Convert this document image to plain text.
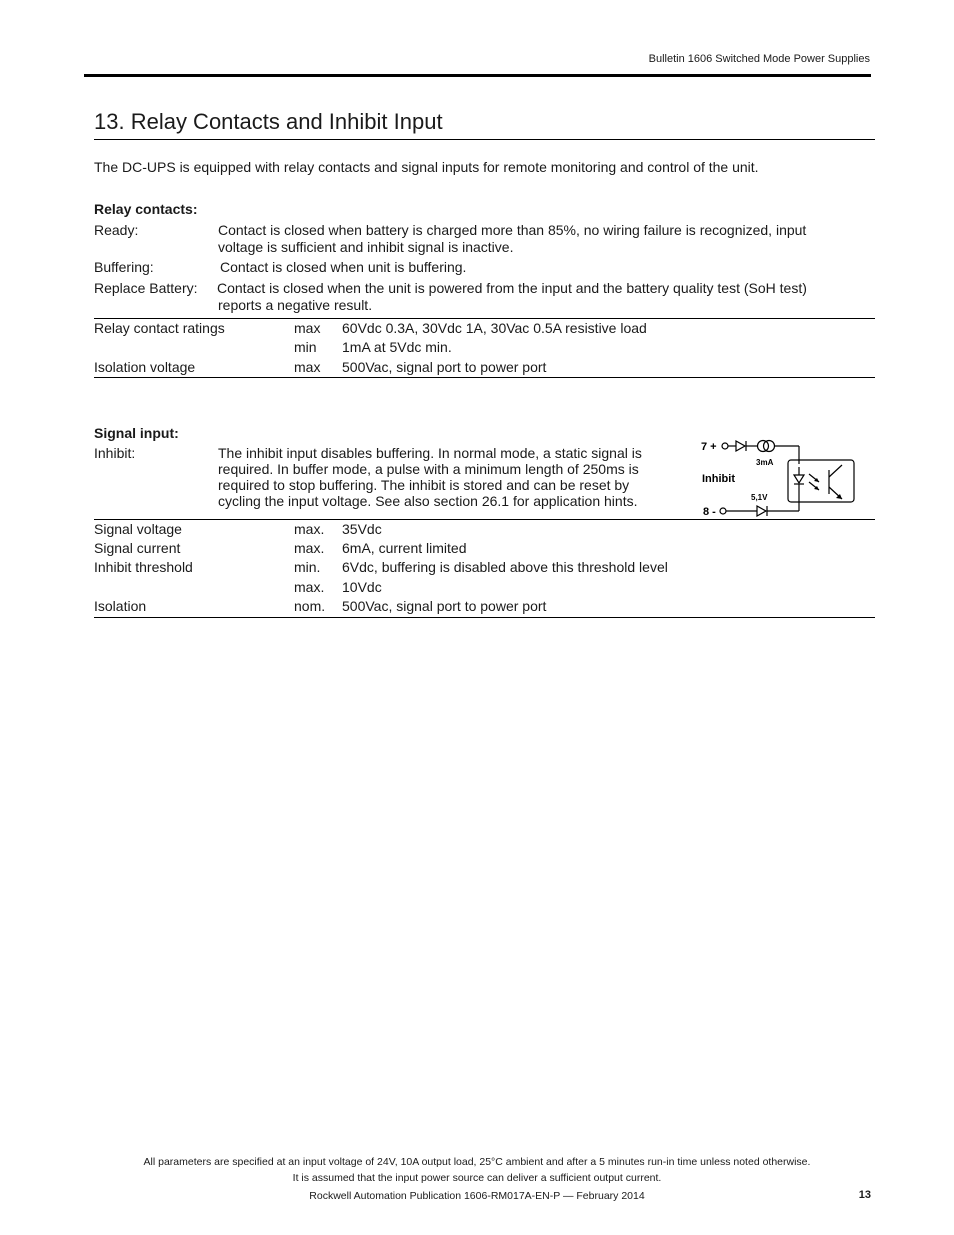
Bulletin 1606 Switched Mode Power Supplies
13. Relay Contacts and Inhibit Input
The DC-UPS is equipped with relay contacts and signal inputs for remote monitoring and control of the unit.
Relay contacts:
Ready:	Contact is closed when battery is charged more than 85%, no wiring failure is recognized, input
voltage is sufficient and inhibit signal is inactive.
Buffering:	Contact is closed when unit is buffering.
Replace Battery: Contact is closed when the unit is powered from the input and the battery quality test (SoH test)
reports a negative result.
Relay contact ratings	max 60Vdc 0.3A, 30Vdc 1A, 30Vac 0.5A resistive load
min 1mA at 5Vdc min.
Isolation voltage	max 500Vac, signal port to power port
Signal input:
Inhibit:	The inhibit input disables buffering. In normal mode, a static signal is
required. In buffer mode, a pulse with a minimum length of 250ms is
required to stop buffering. The inhibit is stored and can be reset by
cycling the input voltage. See also section 26.1 for application hints.
7 +
8 -
Inhibit
3mA
5,1V
Signal voltage	max. 35Vdc
Signal current	max. 6mA, current limited
Inhibit threshold	min. 6Vdc, buffering is disabled above this threshold level
max. 10Vdc
Isolation	nom. 500Vac, signal port to power port
All parameters are specified at an input voltage of 24V, 10A output load, 25°C ambient and after a 5 minutes run-in time unless noted otherwise.
It is assumed that the input power source can deliver a sufficient output current.
Rockwell Automation Publication 1606-RM017A-EN-P — February 2014	13
